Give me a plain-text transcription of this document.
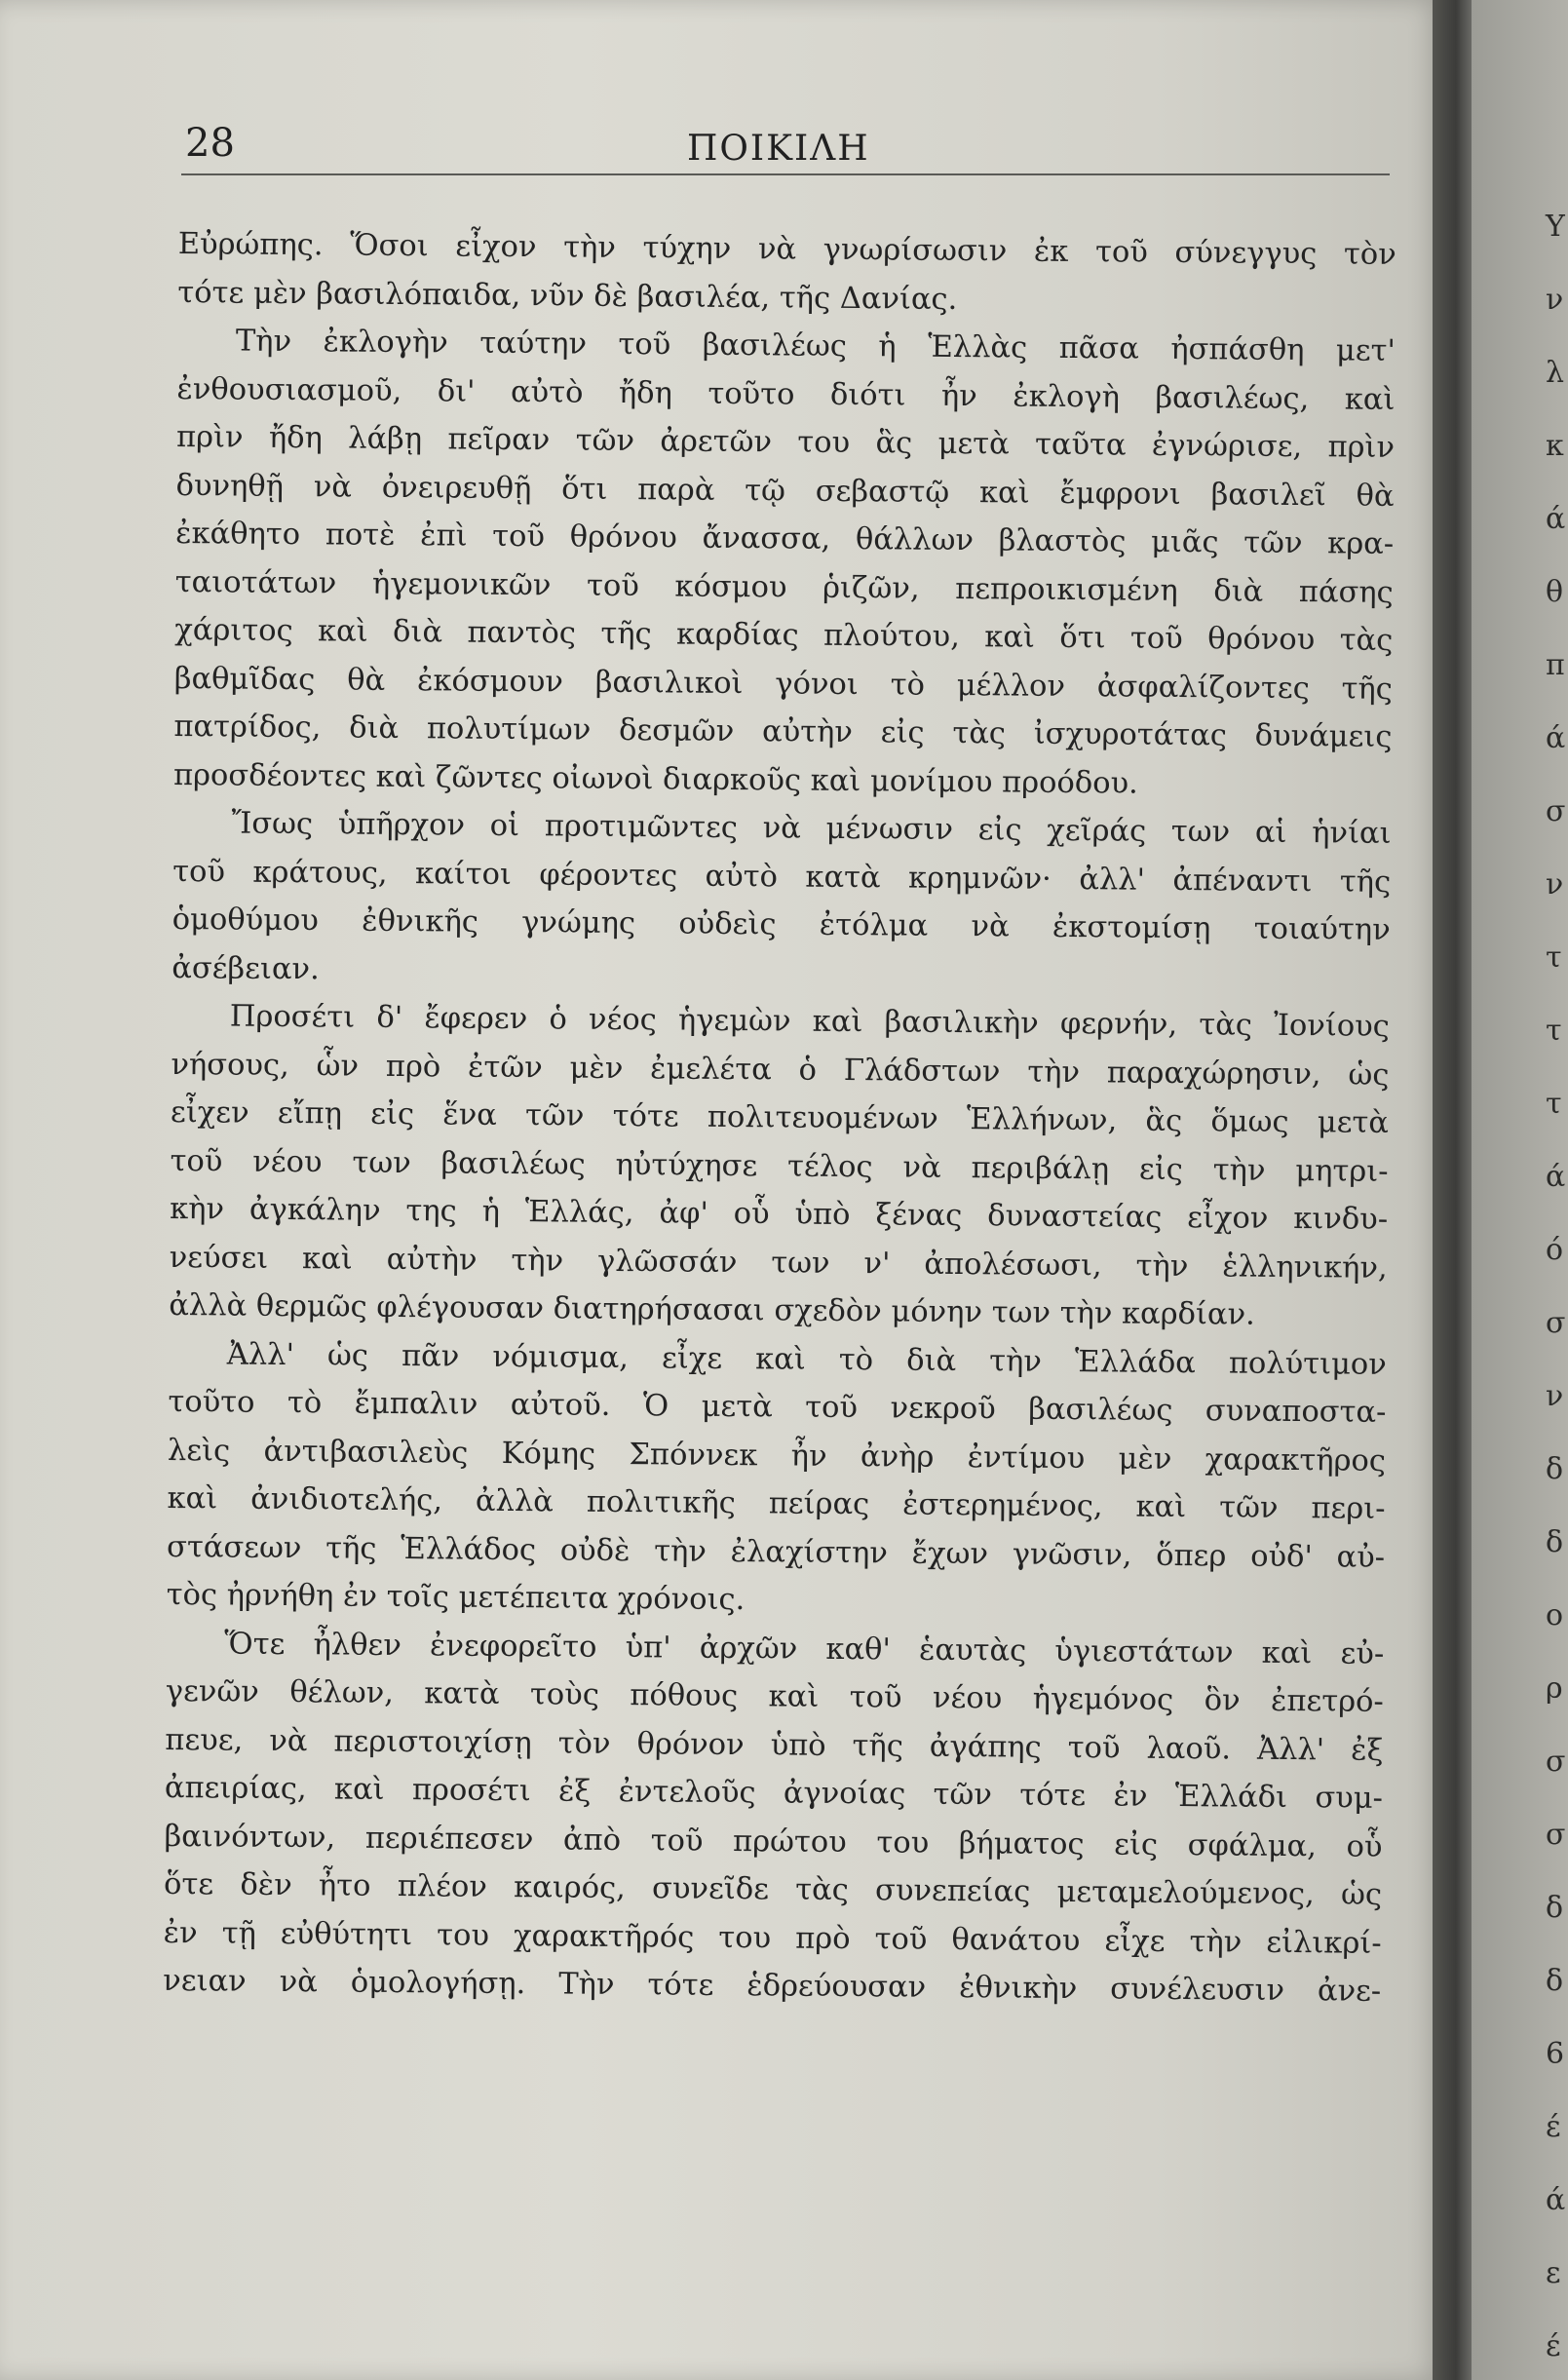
Υ
ν
λ
κ
ά
θ
π
ά
σ
ν
τ
τ
τ
ά
ό
σ
ν
δ
δ
ο
ρ
σ
σ
δ
δ
6
έ
ά
ε
έ
28	ΠΟΙΚΙΛΗ
Εὐρώπης. Ὅσοι εἶχον τὴν τύχην νὰ γνωρίσωσιν ἐκ τοῦ σύνεγγυς τὸν
τότε μὲν βασιλόπαιδα, νῦν δὲ βασιλέα, τῆς Δανίας.
Τὴν ἐκλογὴν ταύτην τοῦ βασιλέως ἡ Ἑλλὰς πᾶσα ἠσπάσθη μετ'
ἐνθουσιασμοῦ, δι' αὐτὸ ἤδη τοῦτο διότι ἦν ἐκλογὴ βασιλέως, καὶ
πρὶν ἤδη λάβῃ πεῖραν τῶν ἀρετῶν του ἃς μετὰ ταῦτα ἐγνώρισε, πρὶν
δυνηθῇ νὰ ὀνειρευθῇ ὅτι παρὰ τῷ σεβαστῷ καὶ ἔμφρονι βασιλεῖ θὰ
ἐκάθητο ποτὲ ἐπὶ τοῦ θρόνου ἄνασσα, θάλλων βλαστὸς μιᾶς τῶν κρα-
ταιοτάτων ἡγεμονικῶν τοῦ κόσμου ῥιζῶν, πεπροικισμένη διὰ πάσης
χάριτος καὶ διὰ παντὸς τῆς καρδίας πλούτου, καὶ ὅτι τοῦ θρόνου τὰς
βαθμῖδας θὰ ἐκόσμουν βασιλικοὶ γόνοι τὸ μέλλον ἀσφαλίζοντες τῆς
πατρίδος, διὰ πολυτίμων δεσμῶν αὐτὴν εἰς τὰς ἰσχυροτάτας δυνάμεις
προσδέοντες καὶ ζῶντες οἰωνοὶ διαρκοῦς καὶ μονίμου προόδου.
Ἴσως ὑπῆρχον οἱ προτιμῶντες νὰ μένωσιν εἰς χεῖράς των αἱ ἡνίαι
τοῦ κράτους, καίτοι φέροντες αὐτὸ κατὰ κρημνῶν· ἀλλ' ἀπέναντι τῆς
ὁμοθύμου ἐθνικῆς γνώμης οὐδεὶς ἐτόλμα νὰ ἐκστομίσῃ τοιαύτην
ἀσέβειαν.
Προσέτι δ' ἔφερεν ὁ νέος ἡγεμὼν καὶ βασιλικὴν φερνήν, τὰς Ἰονίους
νήσους, ὧν πρὸ ἐτῶν μὲν ἐμελέτα ὁ Γλάδστων τὴν παραχώρησιν, ὡς
εἶχεν εἴπῃ εἰς ἕνα τῶν τότε πολιτευομένων Ἑλλήνων, ἃς ὅμως μετὰ
τοῦ νέου των βασιλέως ηὐτύχησε τέλος νὰ περιβάλῃ εἰς τὴν μητρι-
κὴν ἀγκάλην της ἡ Ἑλλάς, ἀφ' οὗ ὑπὸ ξένας δυναστείας εἶχον κινδυ-
νεύσει καὶ αὐτὴν τὴν γλῶσσάν των ν' ἀπολέσωσι, τὴν ἑλληνικήν,
ἀλλὰ θερμῶς φλέγουσαν διατηρήσασαι σχεδὸν μόνην των τὴν καρδίαν.
Ἀλλ' ὡς πᾶν νόμισμα, εἶχε καὶ τὸ διὰ τὴν Ἑλλάδα πολύτιμον
τοῦτο τὸ ἔμπαλιν αὐτοῦ. Ὁ μετὰ τοῦ νεκροῦ βασιλέως συναποστα-
λεὶς ἀντιβασιλεὺς Κόμης Σπόννεκ ἦν ἀνὴρ ἐντίμου μὲν χαρακτῆρος
καὶ ἀνιδιοτελής, ἀλλὰ πολιτικῆς πείρας ἐστερημένος, καὶ τῶν περι-
στάσεων τῆς Ἑλλάδος οὐδὲ τὴν ἐλαχίστην ἔχων γνῶσιν, ὅπερ οὐδ' αὐ-
τὸς ἠρνήθη ἐν τοῖς μετέπειτα χρόνοις.
Ὅτε ἦλθεν ἐνεφορεῖτο ὑπ' ἀρχῶν καθ' ἑαυτὰς ὑγιεστάτων καὶ εὐ-
γενῶν θέλων, κατὰ τοὺς πόθους καὶ τοῦ νέου ἡγεμόνος ὃν ἐπετρό-
πευε, νὰ περιστοιχίσῃ τὸν θρόνον ὑπὸ τῆς ἀγάπης τοῦ λαοῦ. Ἀλλ' ἐξ
ἀπειρίας, καὶ προσέτι ἐξ ἐντελοῦς ἀγνοίας τῶν τότε ἐν Ἑλλάδι συμ-
βαινόντων, περιέπεσεν ἀπὸ τοῦ πρώτου του βήματος εἰς σφάλμα, οὗ
ὅτε δὲν ἦτο πλέον καιρός, συνεῖδε τὰς συνεπείας μεταμελούμενος, ὡς
ἐν τῇ εὐθύτητι του χαρακτῆρός του πρὸ τοῦ θανάτου εἶχε τὴν εἰλικρί-
νειαν νὰ ὁμολογήσῃ. Τὴν τότε ἑδρεύουσαν ἐθνικὴν συνέλευσιν ἀνε-
